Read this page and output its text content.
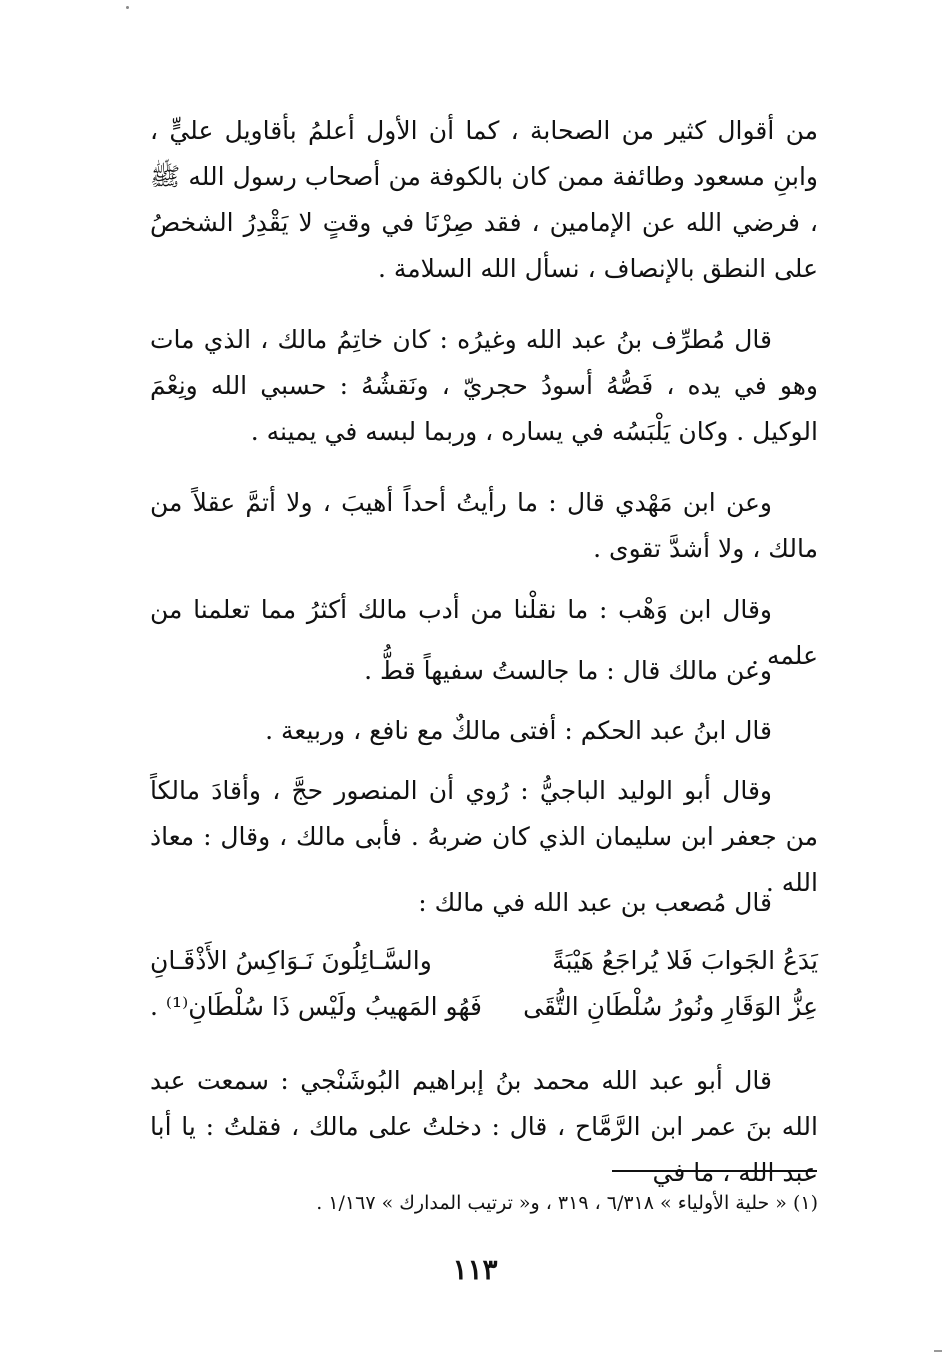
من أقوال كثير من الصحابة ، كما أن الأول أعلمُ بأقاويل عليٍّ ، وابنِ مسعود وطائفة ممن كان بالكوفة من أصحاب رسول الله ﷺ ، فرضي الله عن الإمامين ، فقد صِرْنَا في وقتٍ لا يَقْدِرُ الشخصُ على النطق بالإنصاف ، نسأل الله السلامة .

قال مُطرِّف بنُ عبد الله وغيرُه : كان خاتِمُ مالك ، الذي مات وهو في يده ، فَصُّهُ أسودُ حجريّ ، ونَقشُهُ : حسبي الله ونِعْمَ الوكيل . وكان يَلْبَسُه في يساره ، وربما لبسه في يمينه .

وعن ابن مَهْدي قال : ما رأيتُ أحداً أهيبَ ، ولا أتمَّ عقلاً من مالك ، ولا أشدَّ تقوى .

وقال ابن وَهْب : ما نقلْنا من أدب مالك أكثرُ مما تعلمنا من علمه .

وعن مالك قال : ما جالستُ سفيهاً قطُّ .

قال ابنُ عبد الحكم : أفتى مالكٌ مع نافع ، وربيعة .

وقال أبو الوليد الباجيُّ : رُوي أن المنصور حجَّ ، وأقادَ مالكاً من جعفر ابن سليمان الذي كان ضربهُ . فأبى مالك ، وقال : معاذ الله .

قال مُصعب بن عبد الله في مالك :

يَدَعُ الجَوابَ فَلا يُراجَعُ هَيْبَةً
والسَّـائِلُونَ نَـوَاكِسُ الأَذْقَـانِ
عِزُّ الوَقَارِ ونُورُ سُلْطَانِ التُّقَى
فَهُو المَهيبُ ولَيْس ذَا سُلْطَانِ⁽¹⁾ .

قال أبو عبد الله محمد بنُ إبراهيم البُوشَنْجي : سمعت عبد الله بنَ عمر ابن الرَّمَّاح ، قال : دخلتُ على مالك ، فقلتُ : يا أبا عبد الله ، ما في

(١) « حلية الأولياء » ٦/٣١٨ ، ٣١٩ ، و« ترتيب المدارك » ١/١٦٧ .
١١٣
